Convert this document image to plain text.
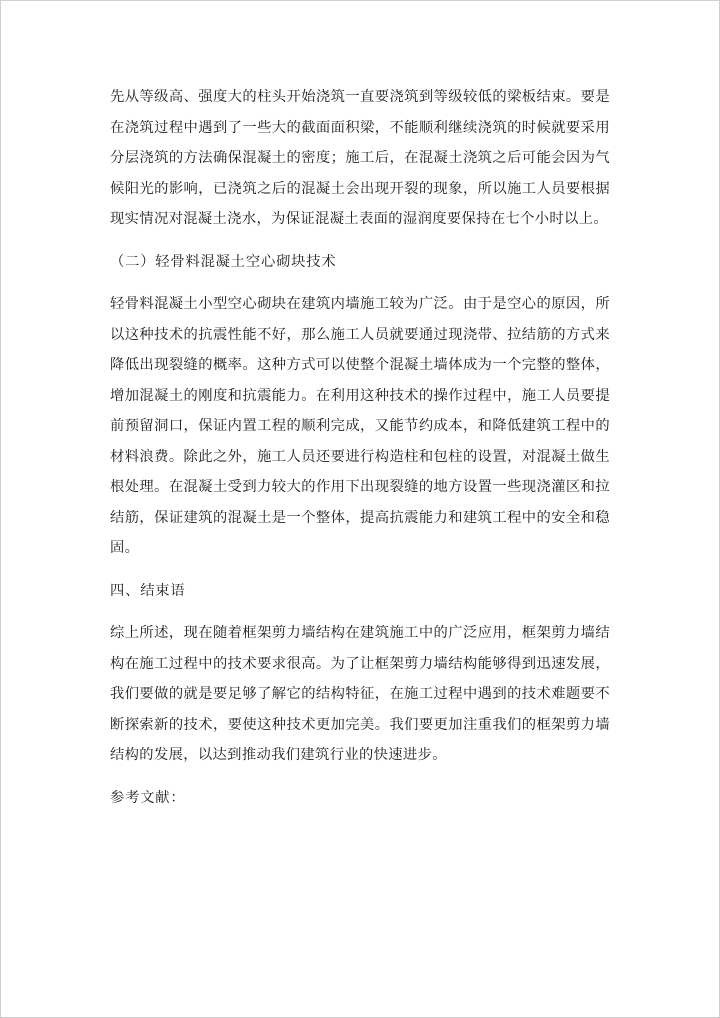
先从等级高、强度大的柱头开始浇筑一直要浇筑到等级较低的梁板结束。要是在浇筑过程中遇到了一些大的截面面积梁，不能顺利继续浇筑的时候就要采用分层浇筑的方法确保混凝土的密度；施工后，在混凝土浇筑之后可能会因为气候阳光的影响，已浇筑之后的混凝土会出现开裂的现象，所以施工人员要根据现实情况对混凝土浇水，为保证混凝土表面的湿润度要保持在七个小时以上。

（二）轻骨料混凝土空心砌块技术

轻骨料混凝土小型空心砌块在建筑内墙施工较为广泛。由于是空心的原因，所以这种技术的抗震性能不好，那么施工人员就要通过现浇带、拉结筋的方式来降低出现裂缝的概率。这种方式可以使整个混凝土墙体成为一个完整的整体，增加混凝土的刚度和抗震能力。在利用这种技术的操作过程中，施工人员要提前预留洞口，保证内置工程的顺利完成，又能节约成本，和降低建筑工程中的材料浪费。除此之外，施工人员还要进行构造柱和包柱的设置，对混凝土做生根处理。在混凝土受到力较大的作用下出现裂缝的地方设置一些现浇灌区和拉结筋，保证建筑的混凝土是一个整体，提高抗震能力和建筑工程中的安全和稳固。

四、结束语

综上所述，现在随着框架剪力墙结构在建筑施工中的广泛应用，框架剪力墙结构在施工过程中的技术要求很高。为了让框架剪力墙结构能够得到迅速发展，我们要做的就是要足够了解它的结构特征，在施工过程中遇到的技术难题要不断探索新的技术，要使这种技术更加完美。我们要更加注重我们的框架剪力墙结构的发展，以达到推动我们建筑行业的快速进步。

参考文献：
